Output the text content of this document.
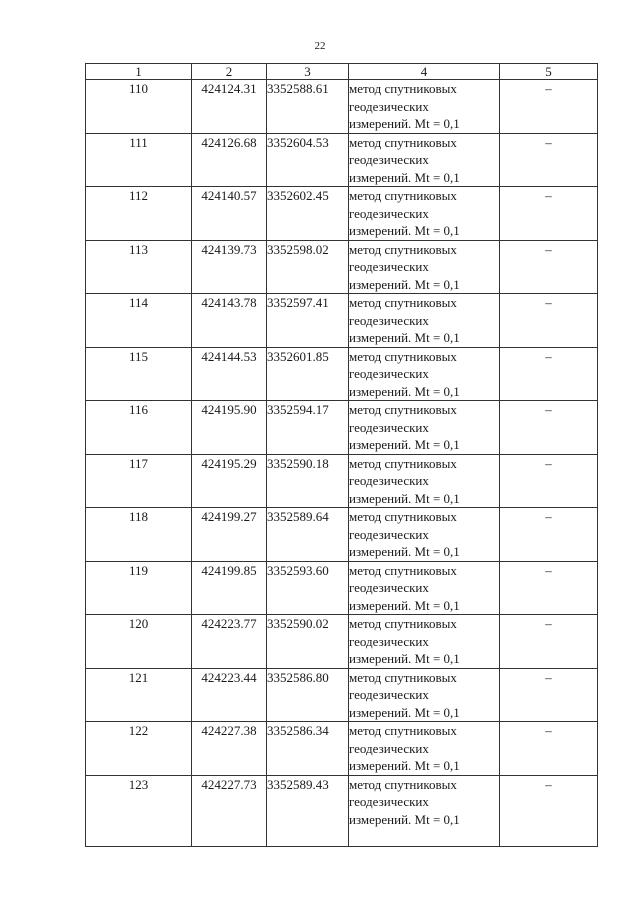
22
1	2	3	4	5
110	424124.31	3352588.61	метод спутниковых
геодезических
измерений. Mt = 0,1	–
111	424126.68	3352604.53	метод спутниковых
геодезических
измерений. Mt = 0,1	–
112	424140.57	3352602.45	метод спутниковых
геодезических
измерений. Mt = 0,1	–
113	424139.73	3352598.02	метод спутниковых
геодезических
измерений. Mt = 0,1	–
114	424143.78	3352597.41	метод спутниковых
геодезических
измерений. Mt = 0,1	–
115	424144.53	3352601.85	метод спутниковых
геодезических
измерений. Mt = 0,1	–
116	424195.90	3352594.17	метод спутниковых
геодезических
измерений. Mt = 0,1	–
117	424195.29	3352590.18	метод спутниковых
геодезических
измерений. Mt = 0,1	–
118	424199.27	3352589.64	метод спутниковых
геодезических
измерений. Mt = 0,1	–
119	424199.85	3352593.60	метод спутниковых
геодезических
измерений. Mt = 0,1	–
120	424223.77	3352590.02	метод спутниковых
геодезических
измерений. Mt = 0,1	–
121	424223.44	3352586.80	метод спутниковых
геодезических
измерений. Mt = 0,1	–
122	424227.38	3352586.34	метод спутниковых
геодезических
измерений. Mt = 0,1	–
123	424227.73	3352589.43	метод спутниковых
геодезических
измерений. Mt = 0,1	–
